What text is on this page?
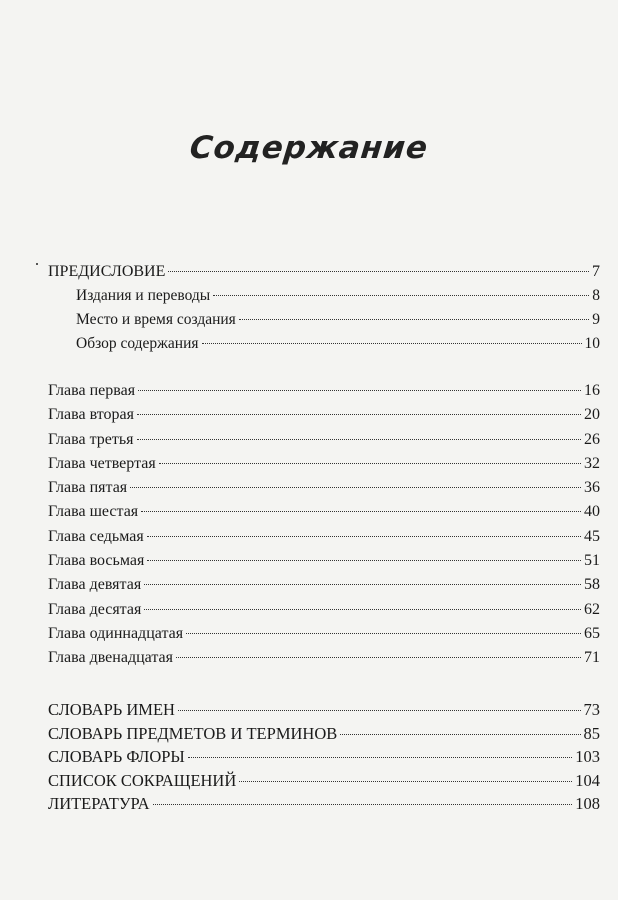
Содержание
ПРЕДИСЛОВИЕ	7
Издания и переводы	8
Место и время создания	9
Обзор содержания	10
Глава первая	16
Глава вторая	20
Глава третья	26
Глава четвертая	32
Глава пятая	36
Глава шестая	40
Глава седьмая	45
Глава восьмая	51
Глава девятая	58
Глава десятая	62
Глава одиннадцатая	65
Глава двенадцатая	71
СЛОВАРЬ ИМЕН	73
СЛОВАРЬ ПРЕДМЕТОВ И ТЕРМИНОВ	85
СЛОВАРЬ ФЛОРЫ	103
СПИСОК СОКРАЩЕНИЙ	104
ЛИТЕРАТУРА	108
